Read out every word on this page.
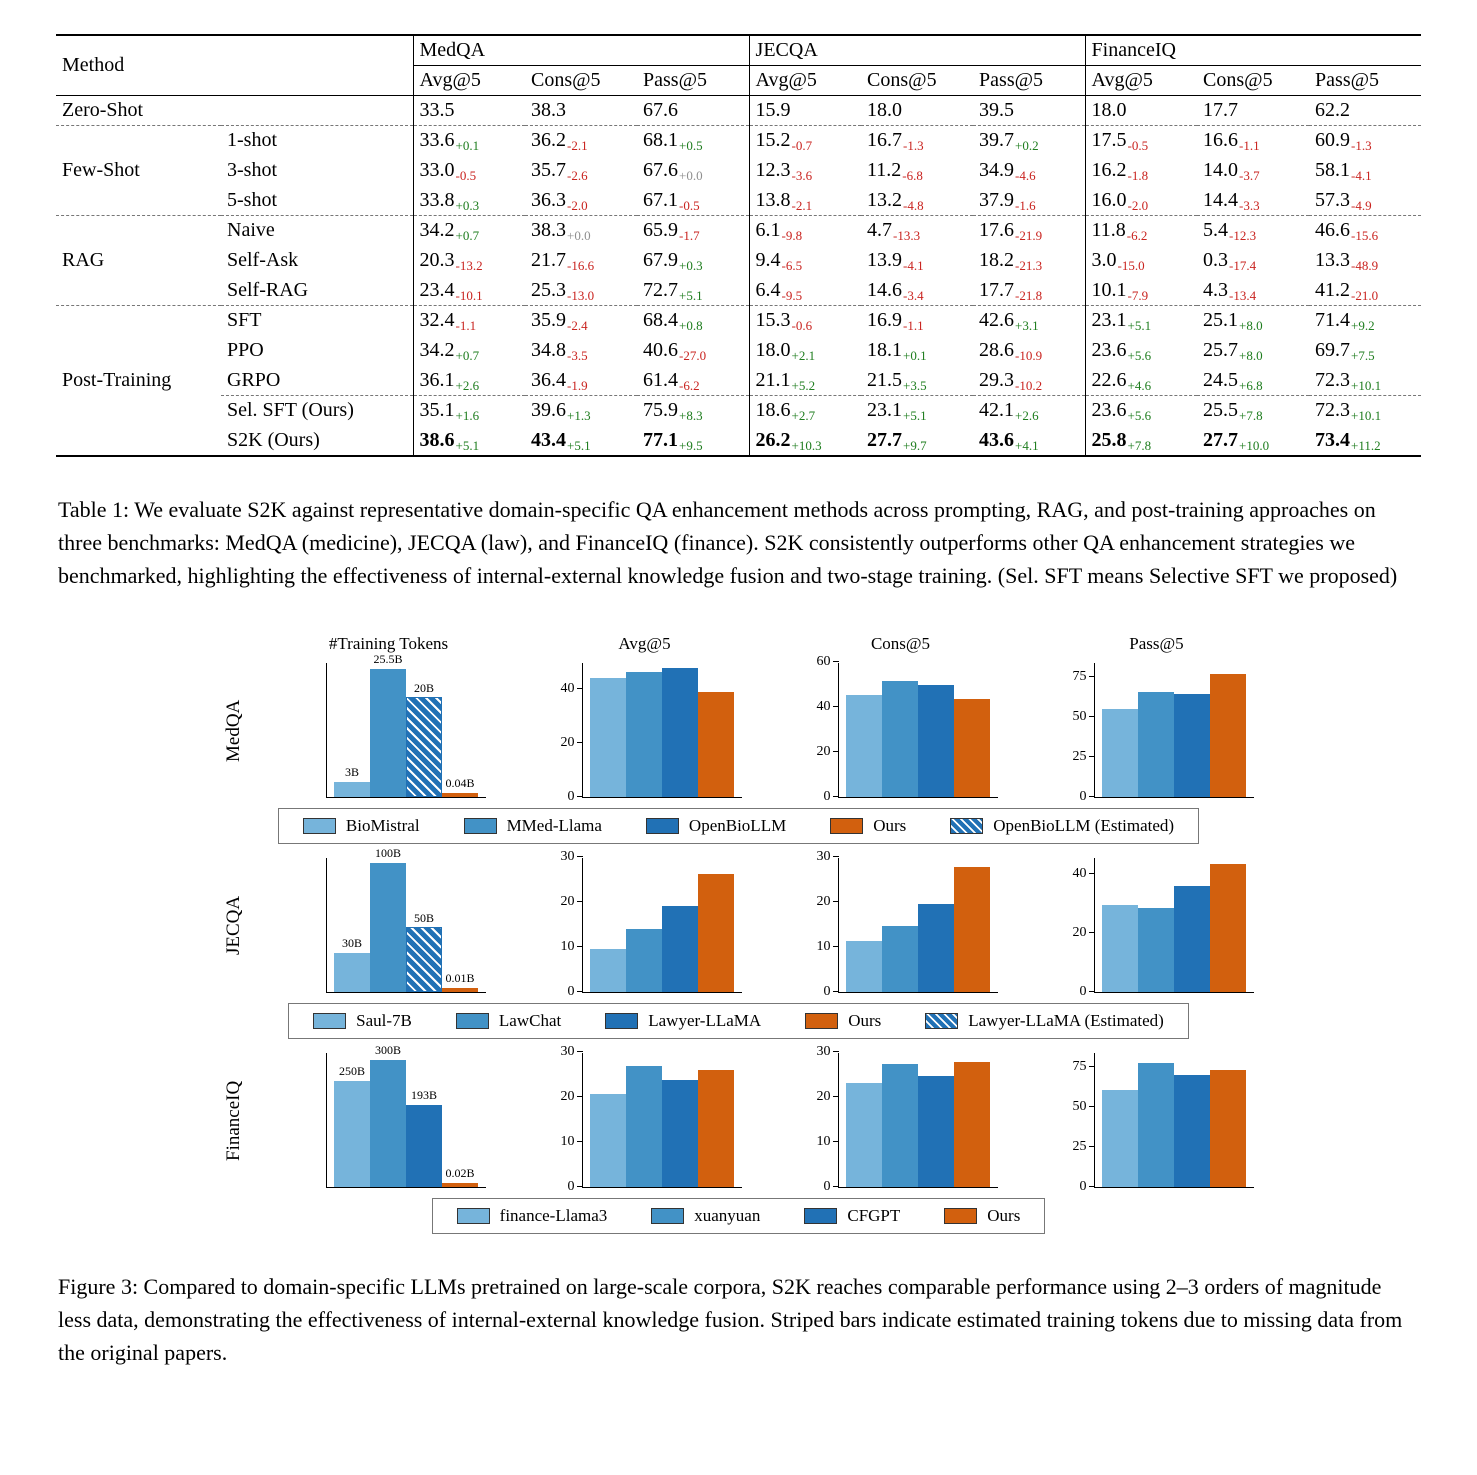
Method		MedQA			JECQA			FinanceIQ		
		Avg@5	Cons@5	Pass@5	Avg@5	Cons@5	Pass@5	Avg@5	Cons@5	Pass@5
Zero-Shot		33.5	38.3	67.6	15.9	18.0	39.5	18.0	17.7	62.2
Few-Shot	1-shot	$33.6_{+0.1}$	$36.2_{-2.1}$	$68.1_{+0.5}$	$15.2_{-0.7}$	$16.7_{-1.3}$	$39.7_{+0.2}$	$17.5_{-0.5}$	$16.6_{-1.1}$	$60.9_{-1.3}$
	3-shot	$33.0_{-0.5}$	$35.7_{-2.6}$	$67.6_{+0.0}$	$12.3_{-3.6}$	$11.2_{-6.8}$	$34.9_{-4.6}$	$16.2_{-1.8}$	$14.0_{-3.7}$	$58.1_{-4.1}$
	5-shot	$33.8_{+0.3}$	$36.3_{-2.0}$	$67.1_{-0.5}$	$13.8_{-2.1}$	$13.2_{-4.8}$	$37.9_{-1.6}$	$16.0_{-2.0}$	$14.4_{-3.3}$	$57.3_{-4.9}$
RAG	Naive	$34.2_{+0.7}$	$38.3_{+0.0}$	$65.9_{-1.7}$	$6.1_{-9.8}$	$4.7_{-13.3}$	$17.6_{-21.9}$	$11.8_{-6.2}$	$5.4_{-12.3}$	$46.6_{-15.6}$
	Self-Ask	$20.3_{-13.2}$	$21.7_{-16.6}$	$67.9_{+0.3}$	$9.4_{-6.5}$	$13.9_{-4.1}$	$18.2_{-21.3}$	$3.0_{-15.0}$	$0.3_{-17.4}$	$13.3_{-48.9}$
	Self-RAG	$23.4_{-10.1}$	$25.3_{-13.0}$	$72.7_{+5.1}$	$6.4_{-9.5}$	$14.6_{-3.4}$	$17.7_{-21.8}$	$10.1_{-7.9}$	$4.3_{-13.4}$	$41.2_{-21.0}$
Post-Training	SFT	$32.4_{-1.1}$	$35.9_{-2.4}$	$68.4_{+0.8}$	$15.3_{-0.6}$	$16.9_{-1.1}$	$42.6_{+3.1}$	$23.1_{+5.1}$	$25.1_{+8.0}$	$71.4_{+9.2}$
	PPO	$34.2_{+0.7}$	$34.8_{-3.5}$	$40.6_{-27.0}$	$18.0_{+2.1}$	$18.1_{+0.1}$	$28.6_{-10.9}$	$23.6_{+5.6}$	$25.7_{+8.0}$	$69.7_{+7.5}$
	GRPO	$36.1_{+2.6}$	$36.4_{-1.9}$	$61.4_{-6.2}$	$21.1_{+5.2}$	$21.5_{+3.5}$	$29.3_{-10.2}$	$22.6_{+4.6}$	$24.5_{+6.8}$	$72.3_{+10.1}$
	Sel. SFT (Ours)	$35.1_{+1.6}$	$39.6_{+1.3}$	$75.9_{+8.3}$	$18.6_{+2.7}$	$23.1_{+5.1}$	$42.1_{+2.6}$	$23.6_{+5.6}$	$25.5_{+7.8}$	$72.3_{+10.1}$
	S2K (Ours)	$38.6_{+5.1}$	$43.4_{+5.1}$	$77.1_{+9.5}$	$26.2_{+10.3}$	$27.7_{+9.7}$	$43.6_{+4.1}$	$25.8_{+7.8}$	$27.7_{+10.0}$	$73.4_{+11.2}$

Table 1: We evaluate S2K against representative domain-specific QA enhancement methods across prompting, RAG, and post-training approaches on three benchmarks: MedQA (medicine), JECQA (law), and FinanceIQ (finance). S2K consistently outperforms other QA enhancement strategies we benchmarked, highlighting the effectiveness of internal-external knowledge fusion and two-stage training. (Sel. SFT means Selective SFT we proposed)

MedQA
#Training Tokens
3B
25.5B
20B
0.04B
Avg@5
0
20
40
Cons@5
0
20
40
60
Pass@5
0
25
50
75
BioMistral	MMed-Llama	OpenBioLLM	Ours	OpenBioLLM (Estimated)
JECQA	30B
100B
50B
0.01B
0
10
20
30
0
10
20
30
0
20
40
Saul-7B	LawChat	Lawyer-LLaMA	Ours	Lawyer-LLaMA (Estimated)
FinanceIQ
250B
300B
193B
0.02B
0
10
20
30
0
10
20
30
0
25
50
75
finance-Llama3	xuanyuan	CFGPT	Ours

Figure 3: Compared to domain-specific LLMs pretrained on large-scale corpora, S2K reaches comparable performance using 2–3 orders of magnitude less data, demonstrating the effectiveness of internal-external knowledge fusion. Striped bars indicate estimated training tokens due to missing data from the original papers.
